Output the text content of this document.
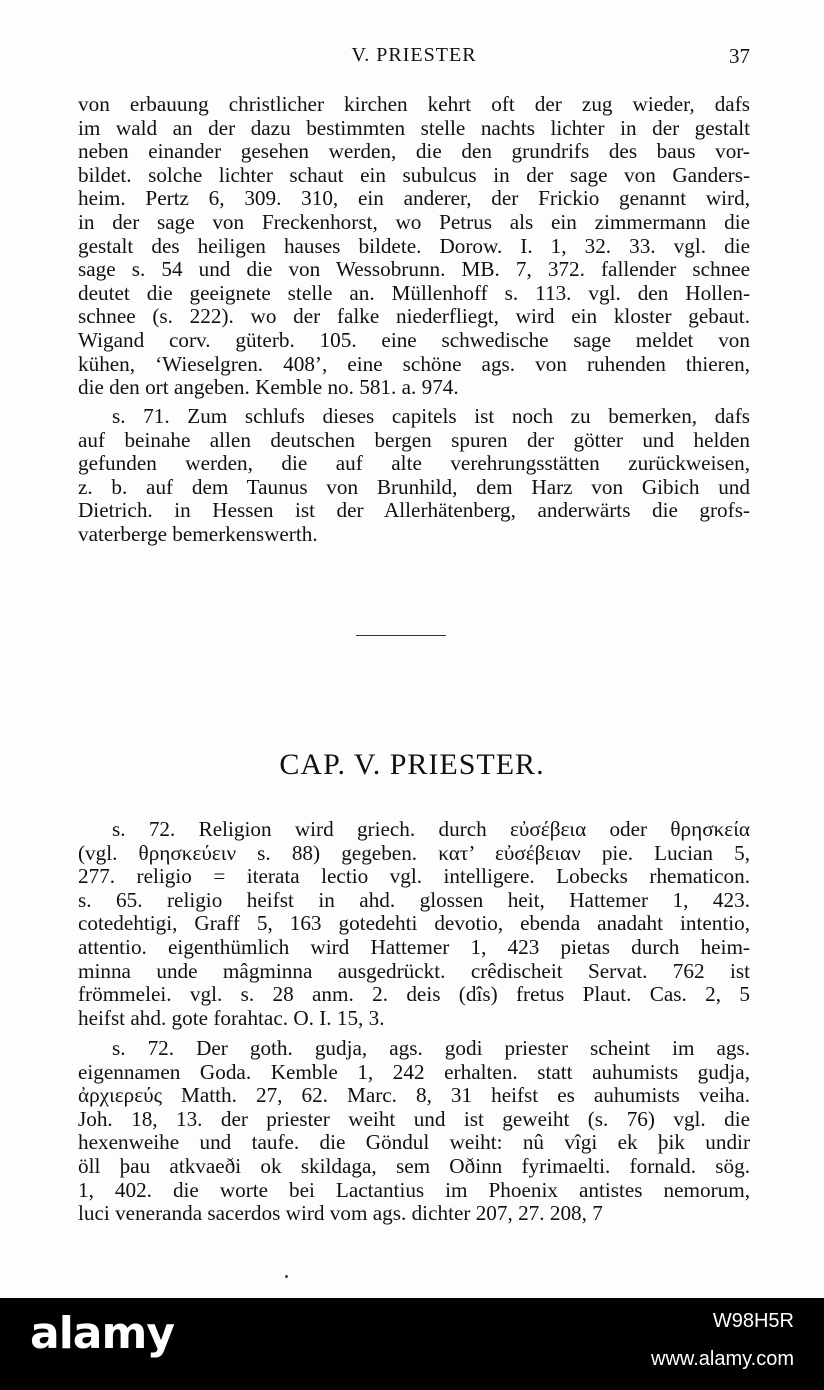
V. PRIESTER	37
von erbauung christlicher kirchen kehrt oft der zug wieder, dafs
im wald an der dazu bestimmten stelle nachts lichter in der gestalt
neben einander gesehen werden, die den grundrifs des baus vor-
bildet. solche lichter schaut ein subulcus in der sage von Ganders-
heim. Pertz 6, 309. 310, ein anderer, der Frickio genannt wird,
in der sage von Freckenhorst, wo Petrus als ein zimmermann die
gestalt des heiligen hauses bildete. Dorow. I. 1, 32. 33. vgl. die
sage s. 54 und die von Wessobrunn. MB. 7, 372. fallender schnee
deutet die geeignete stelle an. Müllenhoff s. 113. vgl. den Hollen-
schnee (s. 222). wo der falke niederfliegt, wird ein kloster gebaut.
Wigand corv. güterb. 105. eine schwedische sage meldet von
kühen, ‘Wieselgren. 408’, eine schöne ags. von ruhenden thieren,
die den ort angeben. Kemble no. 581. a. 974.
s. 71. Zum schlufs dieses capitels ist noch zu bemerken, dafs
auf beinahe allen deutschen bergen spuren der götter und helden
gefunden werden, die auf alte verehrungsstätten zurückweisen,
z. b. auf dem Taunus von Brunhild, dem Harz von Gibich und
Dietrich. in Hessen ist der Allerhätenberg, anderwärts die grofs-
vaterberge bemerkenswerth.
CAP. V. PRIESTER.
s. 72. Religion wird griech. durch εὐσέβεια oder θρησκεία
(vgl. θρησκεύειν s. 88) gegeben. κατ’ εὐσέβειαν pie. Lucian 5,
277. religio = iterata lectio vgl. intelligere. Lobecks rhematicon.
s. 65. religio heifst in ahd. glossen heit, Hattemer 1, 423.
cotedehtigi, Graff 5, 163 gotedehti devotio, ebenda anadaht intentio,
attentio. eigenthümlich wird Hattemer 1, 423 pietas durch heim-
minna unde mâgminna ausgedrückt. crêdischeit Servat. 762 ist
frömmelei. vgl. s. 28 anm. 2. deis (dîs) fretus Plaut. Cas. 2, 5
heifst ahd. gote forahtac. O. I. 15, 3.
s. 72. Der goth. gudja, ags. godi priester scheint im ags.
eigennamen Goda. Kemble 1, 242 erhalten. statt auhumists gudja,
ἀρχιερεύς Matth. 27, 62. Marc. 8, 31 heifst es auhumists veiha.
Joh. 18, 13. der priester weiht und ist geweiht (s. 76) vgl. die
hexenweihe und taufe. die Göndul weiht: nû vîgi ek þik undir
öll þau atkvaeði ok skildaga, sem Oðinn fyrimaelti. fornald. sög.
1, 402. die worte bei Lactantius im Phoenix antistes nemorum,
luci veneranda sacerdos wird vom ags. dichter 207, 27. 208, 7
alamy	W98H5R
www.alamy.com
